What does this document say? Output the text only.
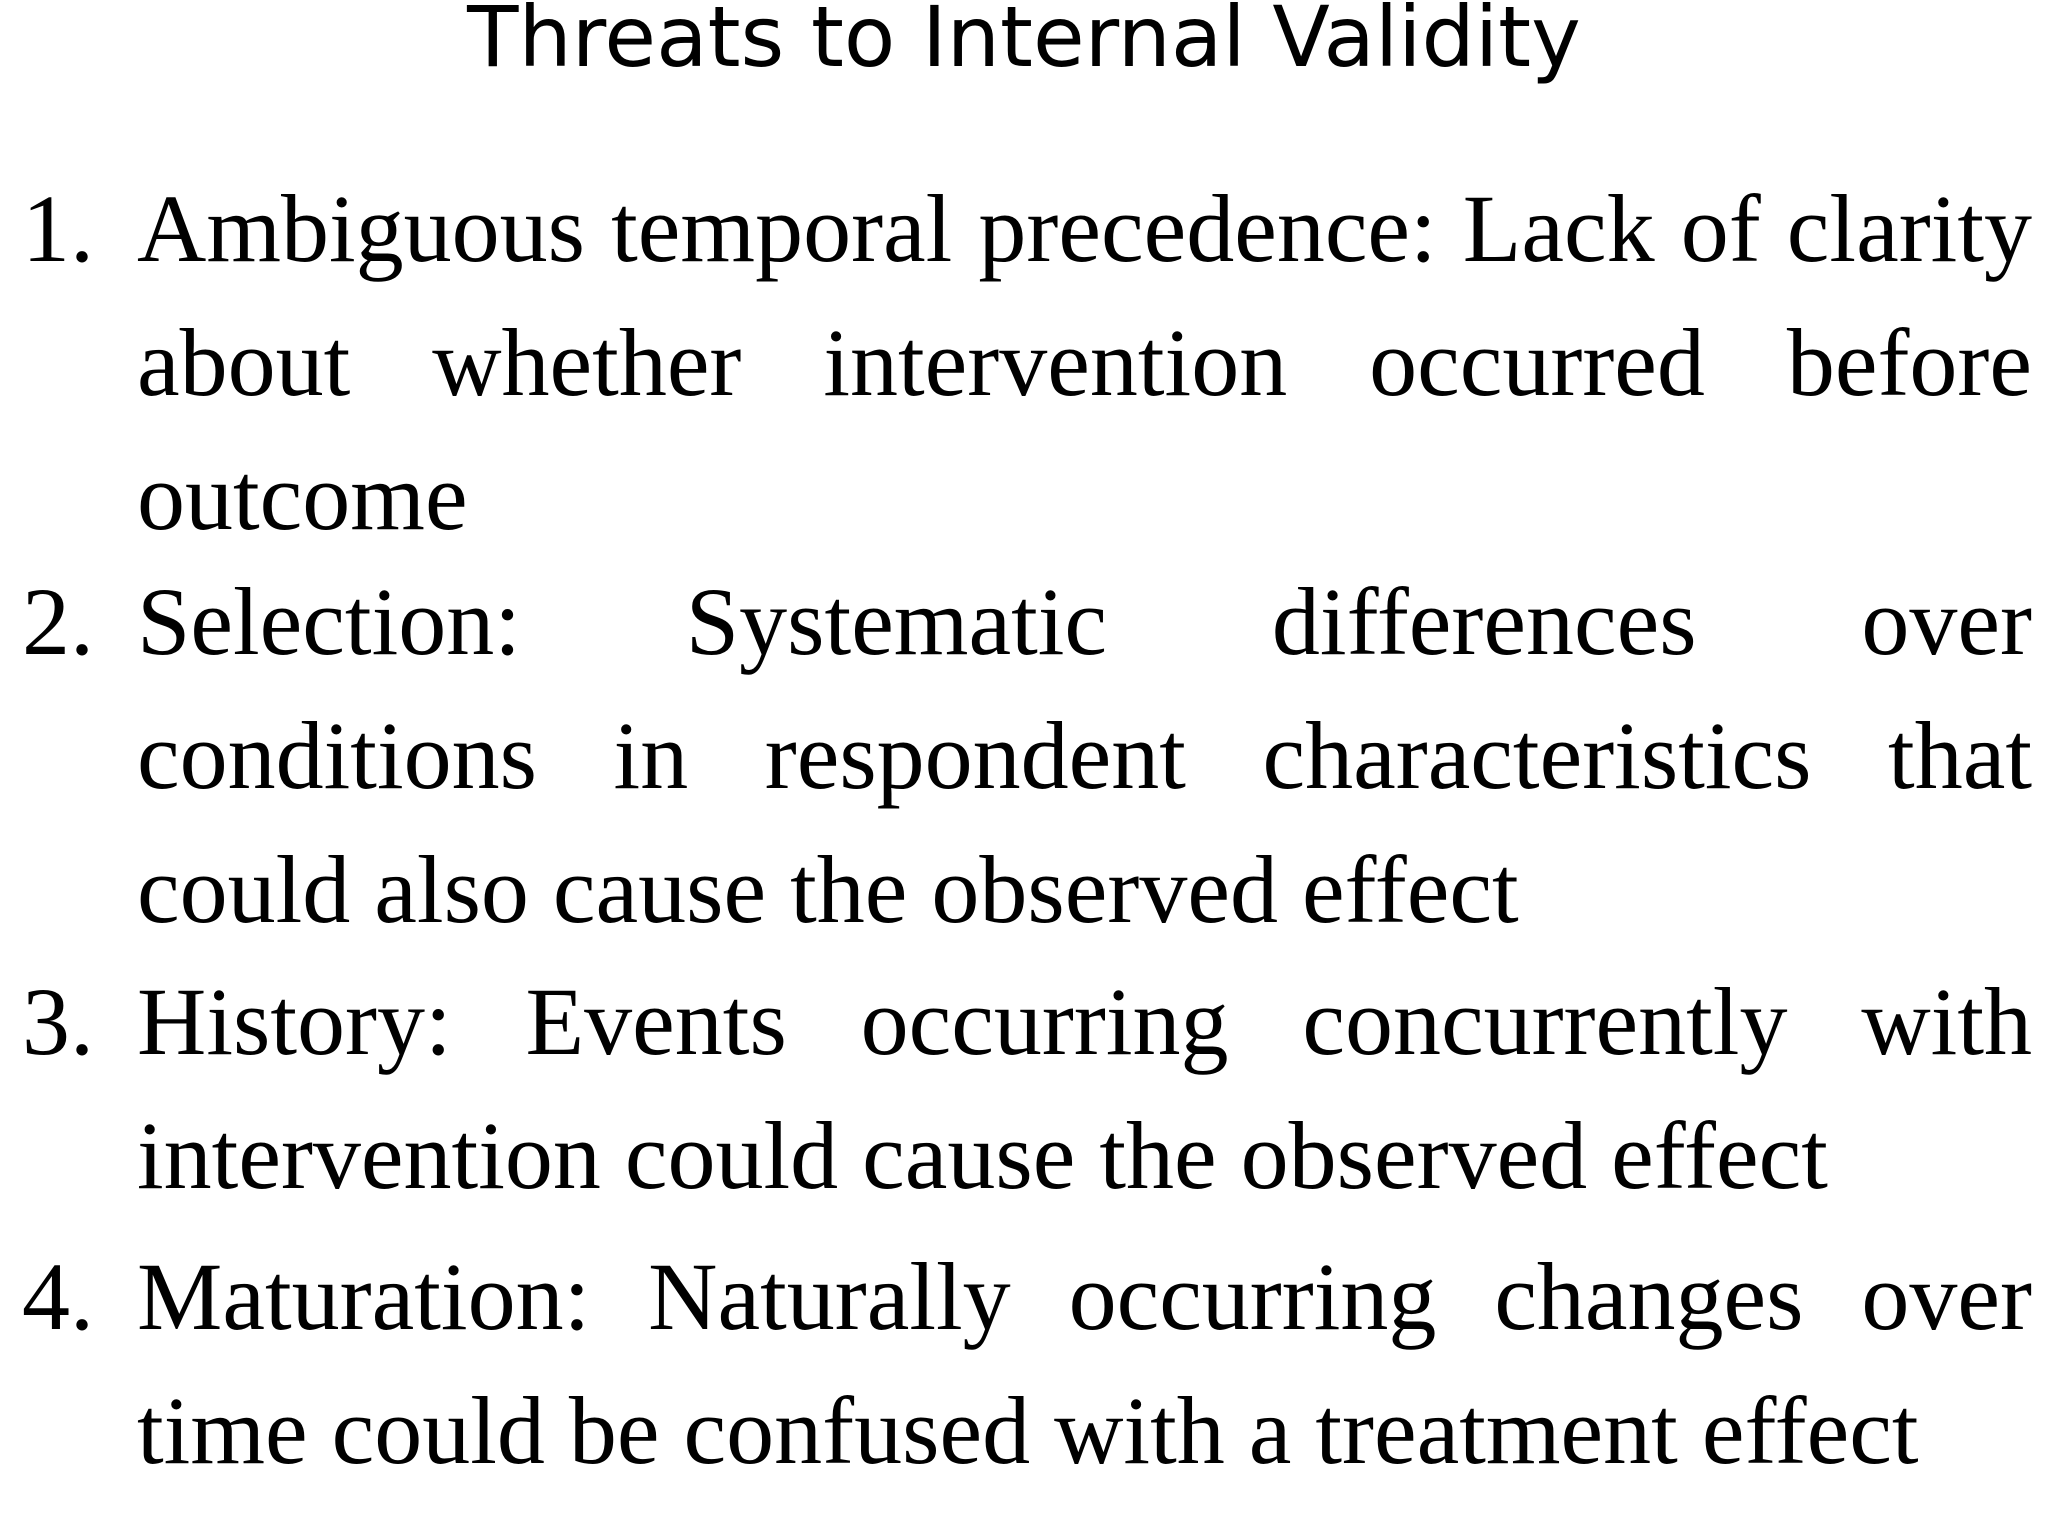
Threats to Internal Validity
1. Ambiguous temporal precedence: Lack of clarity about whether intervention occurred before outcome

2. Selection: Systematic differences over conditions in respondent characteristics that could also cause the observed effect

3. History: Events occurring concurrently with intervention could cause the observed effect

4. Maturation: Naturally occurring changes over time could be confused with a treatment effect
